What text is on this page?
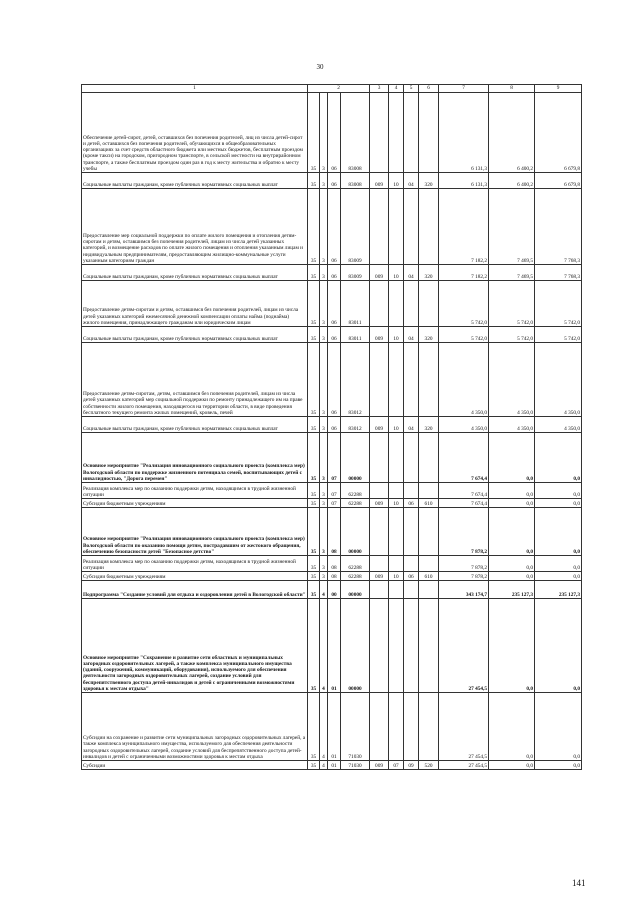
30
1	2				3	4	5	6	7	8	9
Обеспечение детей-сирот, детей, оставшихся без попечения родителей, лиц из числа детей-сирот и детей, оставшихся без попечения родителей, обучающихся в общеобразовательных организациях за счет средств областного бюджета или местных бюджетов, бесплатным проездом (кроме такси) на городском, пригородном транспорте, в сельской местности на внутрирайонном транспорте, а также бесплатным проездом один раз в год к месту жительства и обратно к месту учебы	35	3	06	83008					6 131,3	6 400,2	6 679,8
Социальные выплаты гражданам, кроме публичных нормативных социальных выплат	35	3	06	83008	009	10	04	320	6 131,3	6 400,2	6 679,8
Предоставление мер социальной поддержки по оплате жилого помещения и отопления детям-сиротам и детям, оставшимся без попечения родителей, лицам из числа детей указанных категорий, и возмещение расходов по оплате жилого помещения и отопления указанным лицам и нидивидуальным предпринимателям, предоставляющим жилищно-коммунальные услуги указанным категориям граждан	35	3	06	83009					7 182,2	7 469,5	7 768,3
Социальные выплаты гражданам, кроме публичных нормативных социальных выплат	35	3	06	83009	009	10	04	320	7 182,2	7 469,5	7 768,3
Предоставление детям-сиротам и детям, оставшимся без попечения родителей, лицам из числа детей указанных категорий ежемесячной денежной компенсации оплаты найма (поднайма) жилого помещения, принадлежащего гражданам или юридическим лицам	35	3	06	83011					5 742,0	5 742,0	5 742,0
Социальные выплаты гражданам, кроме публичных нормативных социальных выплат	35	3	06	83011	009	10	04	320	5 742,0	5 742,0	5 742,0
Предоставление детям-сиротам, детям, оставшимся без попечения родителей, лицам из числа детей указанных категорий мер социальной поддержки по ремонту принадлежащего им на праве собственности жилого помещения, находящегося на территории области, в виде проведения бесплатного текущего ремонта жилых помещений, кровель, печей	35	3	06	83012					4 350,0	4 350,0	4 350,0
Социальные выплаты гражданам, кроме публичных нормативных социальных выплат	35	3	06	83012	009	10	04	320	4 350,0	4 350,0	4 350,0
Основное мероприятие "Реализация инновационного социального проекта (комплекса мер) Вологодской области по поддержке жизненного потенциала семей, воспитывающих детей с инвалидностью, "Дорога перемен"	35	3	07	00000					7 674,4	0,0	0,0
Реализация комплекса мер по оказанию поддержки детям, находящимся в трудной жизненной ситуации	35	3	07	62288					7 674,4	0,0	0,0
Субсидии бюджетным учреждениям	35	3	07	62288	009	10	06	610	7 674,4	0,0	0,0
Основное мероприятие "Реализация инновационного социального проекта (комплекса мер) Вологодской области по оказанию помощи детям, пострадавшим от жестокого обращения, обеспечению безопасности детей "Безопасное детство"	35	3	08	00000					7 878,2	0,0	0,0
Реализация комплекса мер по оказанию поддержки детям, находящимся в трудной жизненной ситуации	35	3	08	62288					7 878,2	0,0	0,0
Субсидии бюджетным учреждениям	35	3	08	62288	009	10	06	610	7 878,2	0,0	0,0
Подпрограмма "Создание условий для отдыха и оздоровления детей в Вологодской области"	35	4	00	00000					343 174,7	235 127,3	235 127,3
Основное мероприятие "Сохранение и развитие сети областных и муниципальных загородных оздоровительных лагерей, а также комплекса муниципального имущества (зданий, сооружений, коммуникаций, оборудования), используемого для обеспечения деятельности загородных оздоровительных лагерей, создание условий для беспрепятственного доступа детей-инвалидов и детей с ограниченными возможностями здоровья к местам отдыха"	35	4	01	00000					27 454,5	0,0	0,0
Субсидии на сохранение и развитие сети муниципальных загородных оздоровительных лагерей, а также комплекса муниципального имущества, используемого для обеспечения деятельности загородных оздоровительных лагерей, создание условий для беспрепятственного доступа детей-инвалидов и детей с ограниченными возможностями здоровья к местам отдыха	35	4	01	71030					27 454,5	0,0	0,0
Субсидии	35	4	01	71030	009	07	09	520	27 454,5	0,0	0,0
141
